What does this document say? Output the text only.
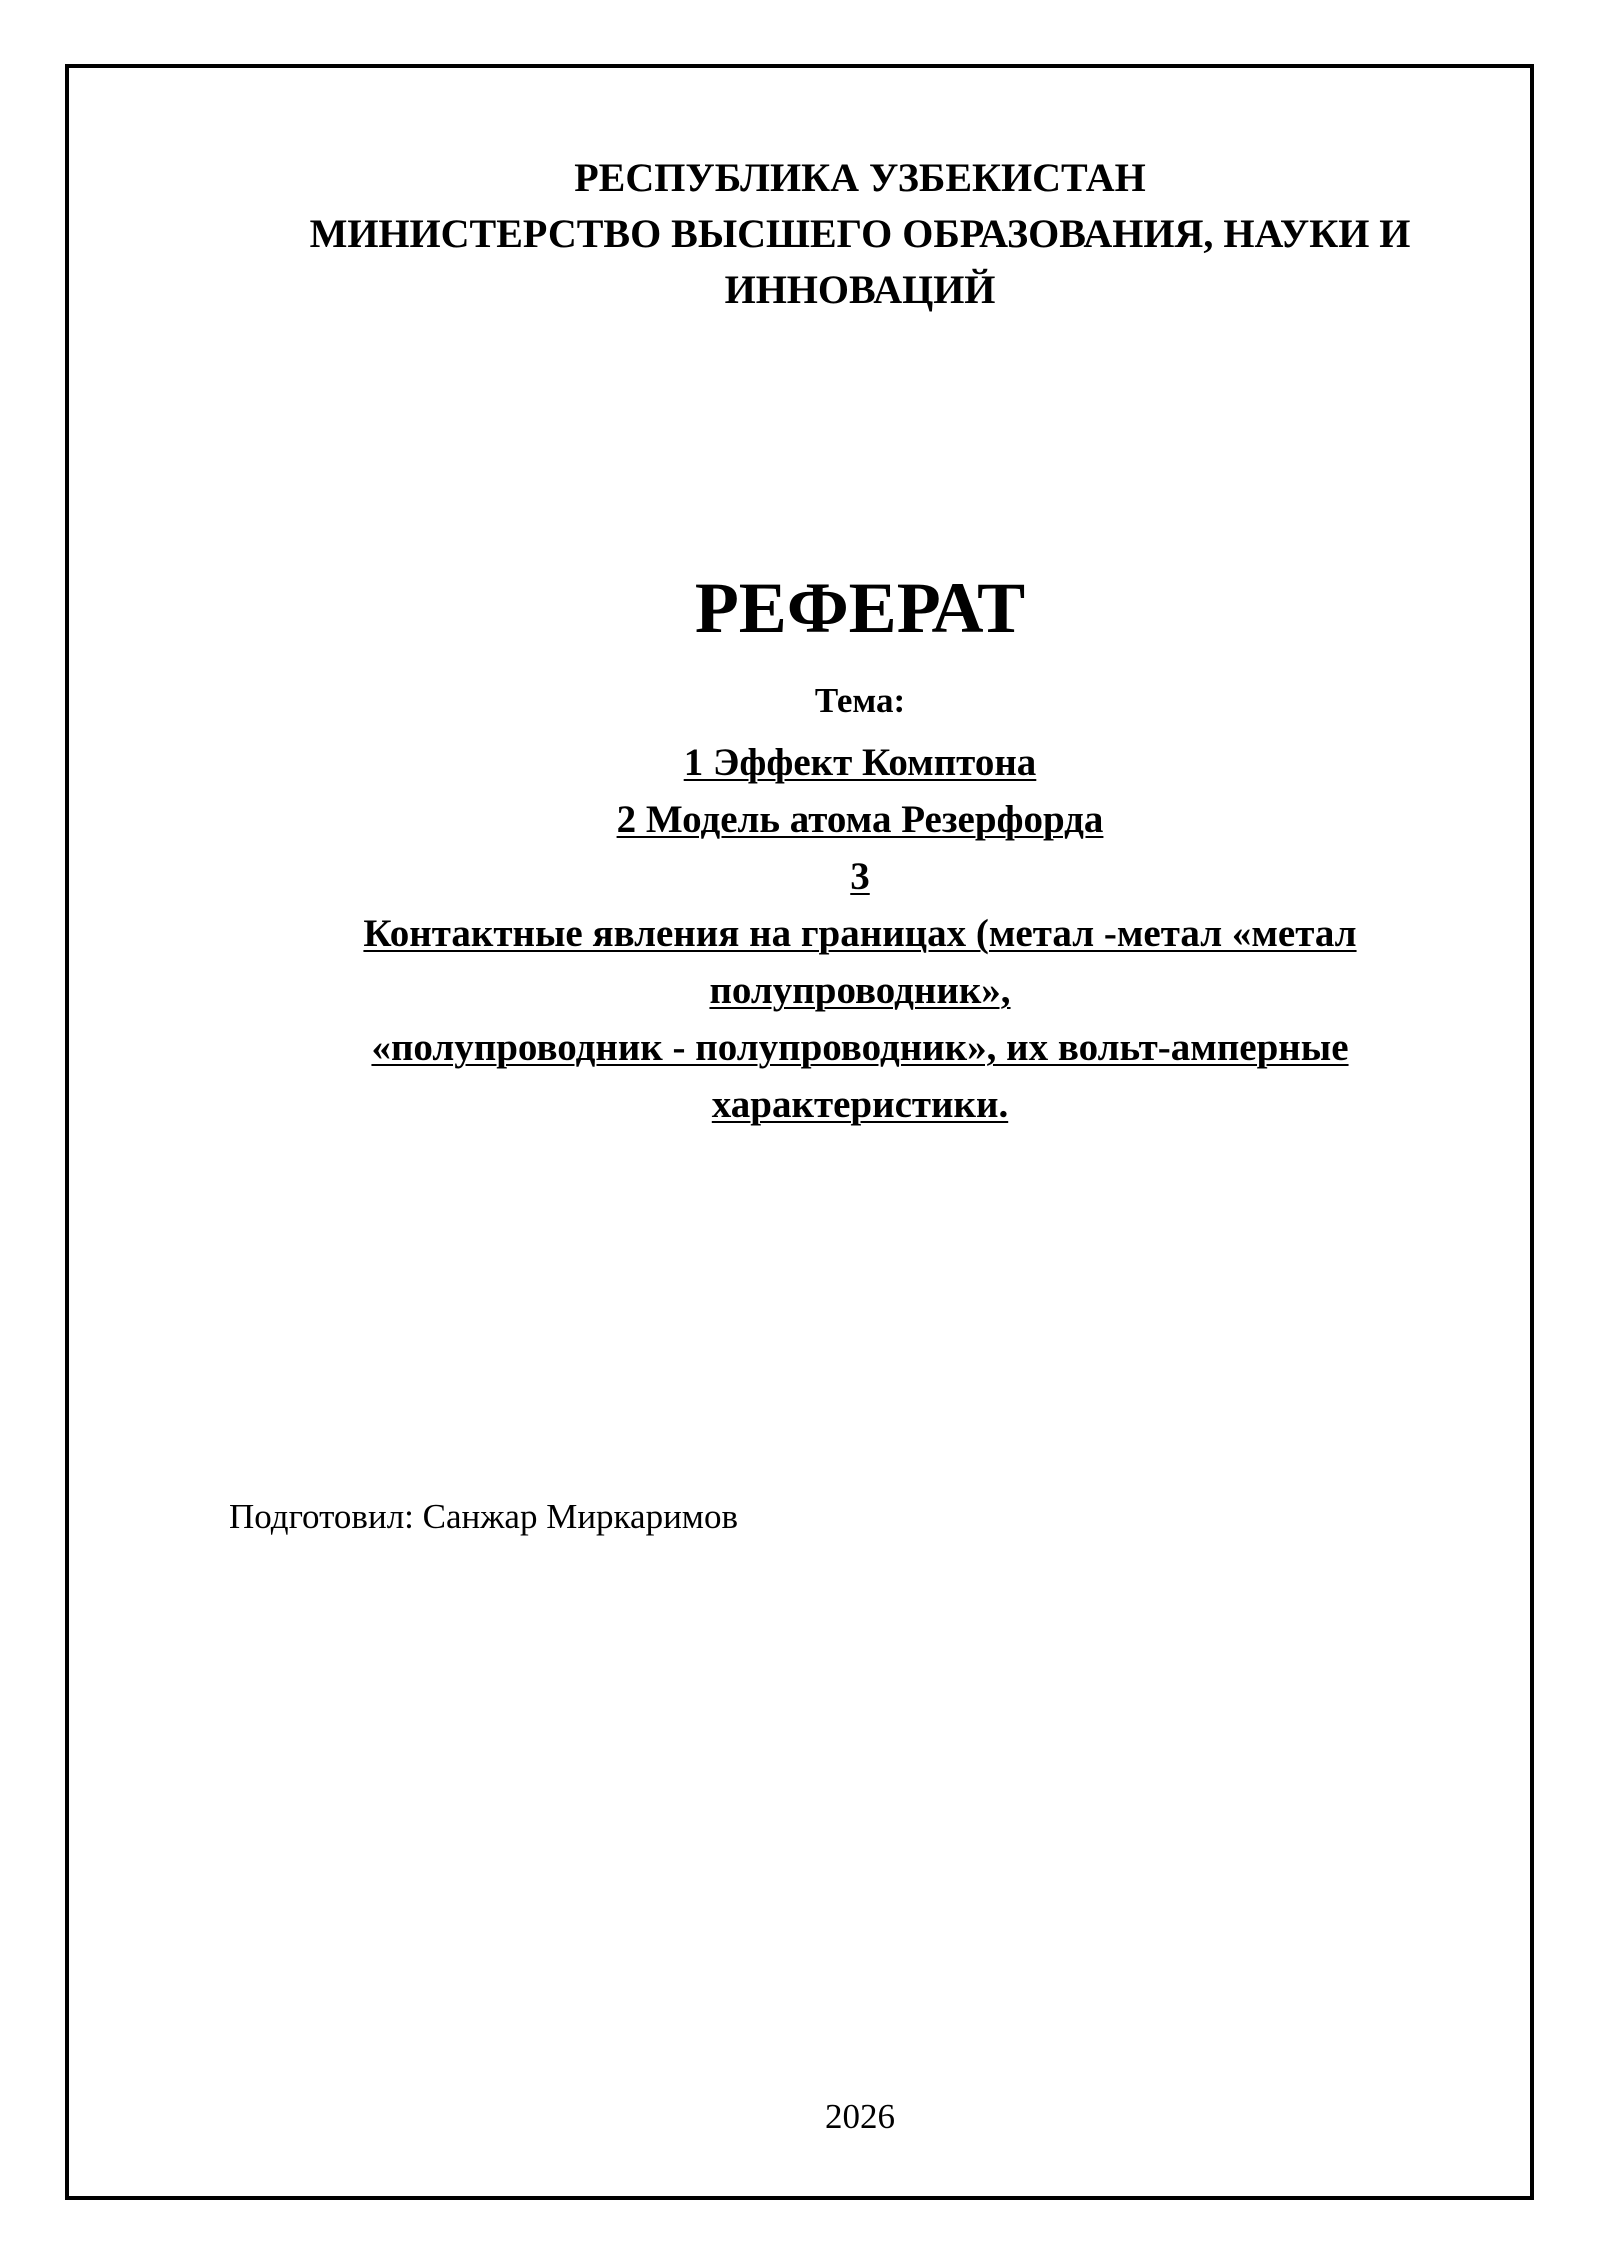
РЕСПУБЛИКА УЗБЕКИСТАН
МИНИСТЕРСТВО ВЫСШЕГО ОБРАЗОВАНИЯ, НАУКИ И
ИННОВАЦИЙ
РЕФЕРАТ
Тема:
1 Эффект Комптона
2 Модель атома Резерфорда
3
Контактные явления на границах (метал -метал «метал
полупроводник»,
«полупроводник - полупроводник», их вольт-амперные
характеристики.
Подготовил: Санжар Миркаримов
2026
